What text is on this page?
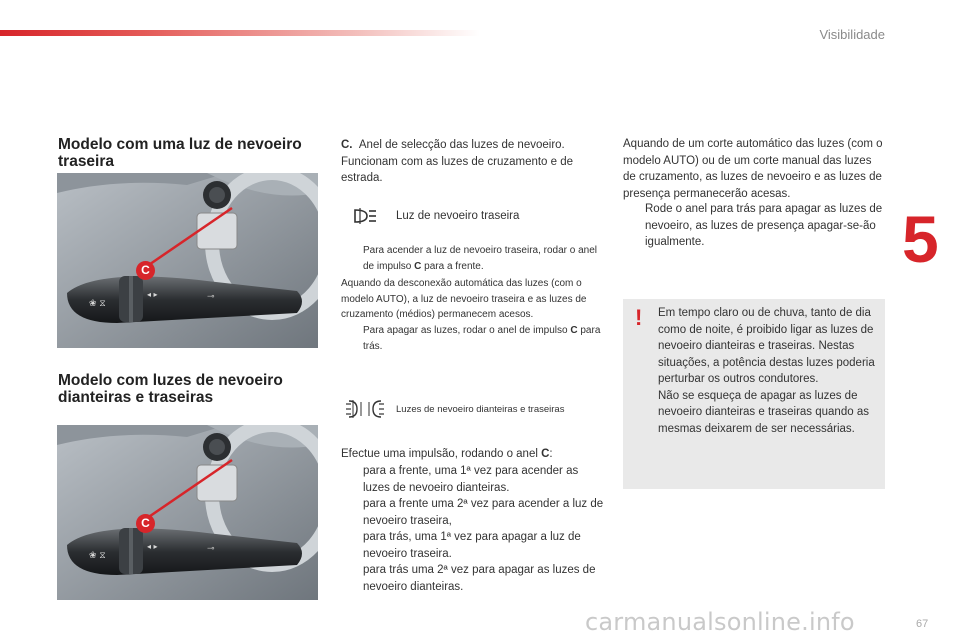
Visibilidade
5
67
Modelo com uma luz de nevoeiro
traseira
❀ ⧖
◂ ▸	⊸
C
Modelo com luzes de nevoeiro
dianteiras e traseiras
❀ ⧖
◂ ▸	⊸
C
C. Anel de selecção das luzes de nevoeiro.
Funcionam com as luzes de cruzamento e de estrada.
Luz de nevoeiro traseira
Para acender a luz de nevoeiro traseira, rodar o anel de impulso C para a frente.
Aquando da desconexão automática das luzes (com o modelo AUTO), a luz de nevoeiro traseira e as luzes de cruzamento (médios) permanecem acesos.
Para apagar as luzes, rodar o anel de impulso C para trás.
Luzes de nevoeiro dianteiras e traseiras
Efectue uma impulsão, rodando o anel C:
para a frente, uma 1ª vez para acender as luzes de nevoeiro dianteiras.
para a frente uma 2ª vez para acender a luz de nevoeiro traseira,
para trás, uma 1ª vez para apagar a luz de nevoeiro traseira.
para trás uma 2ª vez para apagar as luzes de nevoeiro dianteiras.
Aquando de um corte automático das luzes (com o modelo AUTO) ou de um corte manual das luzes de cruzamento, as luzes de nevoeiro e as luzes de presença permanecerão acesas.
Rode o anel para trás para apagar as luzes de nevoeiro, as luzes de presença apagar-se-ão igualmente.
! Em tempo claro ou de chuva, tanto de dia como de noite, é proibido ligar as luzes de nevoeiro dianteiras e traseiras. Nestas situações, a potência destas luzes poderia perturbar os outros condutores.
Não se esqueça de apagar as luzes de nevoeiro dianteiras e traseiras quando as mesmas deixarem de ser necessárias.
carmanualsonline.info
